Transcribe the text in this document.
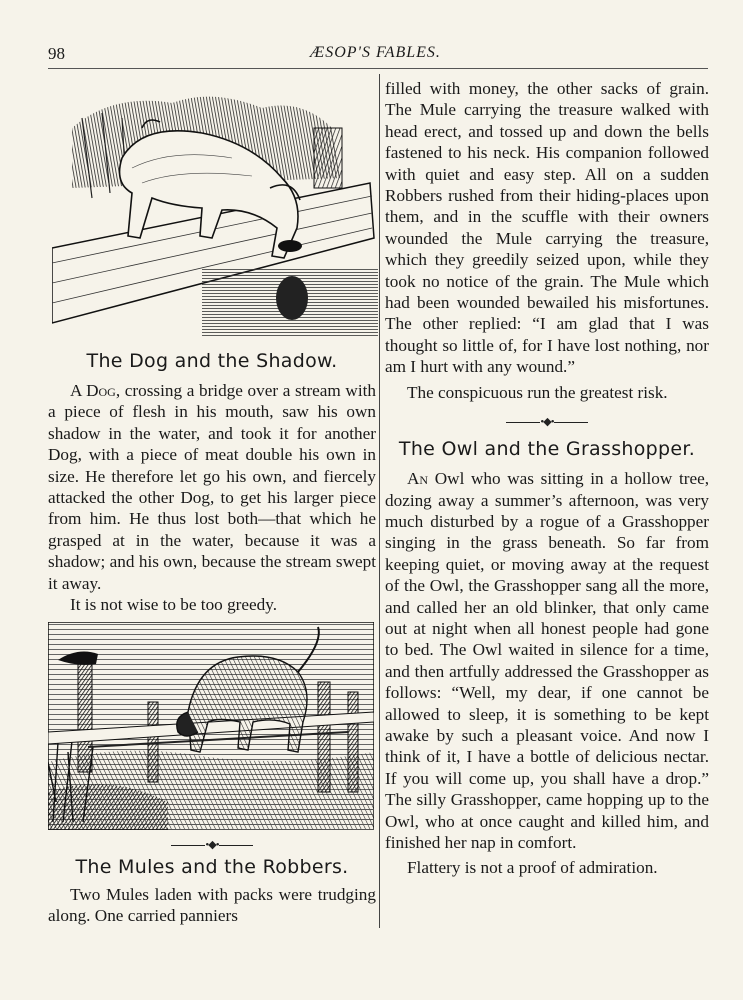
98	ÆSOP'S FABLES.
The Dog and the Shadow.

A Dog, crossing a bridge over a stream with a piece of flesh in his mouth, saw his own shadow in the water, and took it for another Dog, with a piece of meat double his own in size. He therefore let go his own, and fiercely attacked the other Dog, to get his larger piece from him. He thus lost both—that which he grasped at in the water, because it was a shadow; and his own, because the stream swept it away.

It is not wise to be too greedy.

•◆•
The Mules and the Robbers.

Two Mules laden with packs were trudging along. One carried panniers

filled with money, the other sacks of grain. The Mule carrying the treasure walked with head erect, and tossed up and down the bells fastened to his neck. His companion followed with quiet and easy step. All on a sudden Robbers rushed from their hiding-places upon them, and in the scuffle with their owners wounded the Mule carrying the treasure, which they greedily seized upon, while they took no notice of the grain. The Mule which had been wounded bewailed his misfortunes. The other replied: “I am glad that I was thought so little of, for I have lost nothing, nor am I hurt with any wound.”

The conspicuous run the greatest risk.

•◆•
The Owl and the Grasshopper.

An Owl who was sitting in a hollow tree, dozing away a summer’s afternoon, was very much disturbed by a rogue of a Grasshopper singing in the grass beneath. So far from keeping quiet, or moving away at the request of the Owl, the Grasshopper sang all the more, and called her an old blinker, that only came out at night when all honest people had gone to bed. The Owl waited in silence for a time, and then artfully addressed the Grasshopper as follows: “Well, my dear, if one cannot be allowed to sleep, it is something to be kept awake by such a pleasant voice. And now I think of it, I have a bottle of delicious nectar. If you will come up, you shall have a drop.” The silly Grasshopper, came hopping up to the Owl, who at once caught and killed him, and finished her nap in comfort.

Flattery is not a proof of admiration.
